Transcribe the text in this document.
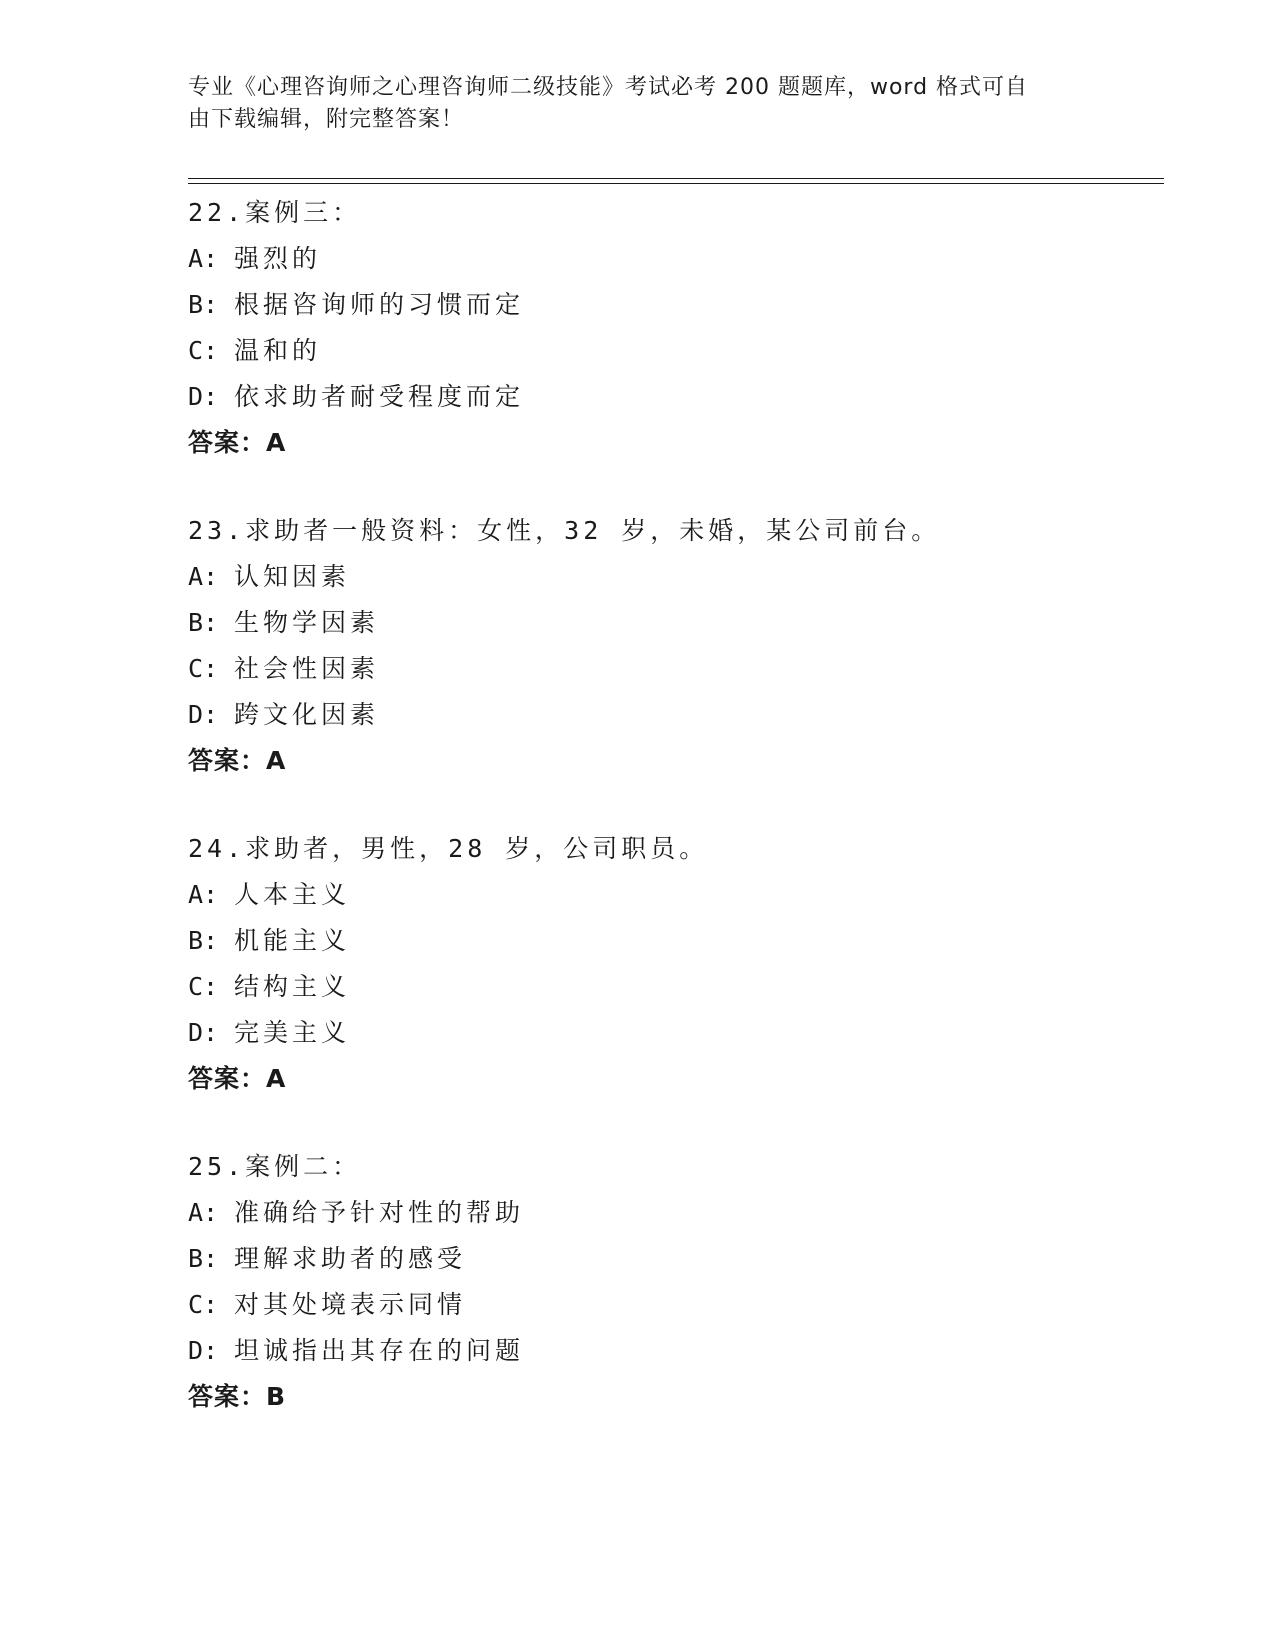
专业《心理咨询师之心理咨询师二级技能》考试必考 200 题题库，word 格式可自
由下载编辑，附完整答案！
22.案例三：
A: 强烈的
B: 根据咨询师的习惯而定
C: 温和的
D: 依求助者耐受程度而定
答案：A
23.求助者一般资料：女性，32 岁，未婚，某公司前台。
A: 认知因素
B: 生物学因素
C: 社会性因素
D: 跨文化因素
答案：A
24.求助者，男性，28 岁，公司职员。
A: 人本主义
B: 机能主义
C: 结构主义
D: 完美主义
答案：A
25.案例二：
A: 准确给予针对性的帮助
B: 理解求助者的感受
C: 对其处境表示同情
D: 坦诚指出其存在的问题
答案：B
